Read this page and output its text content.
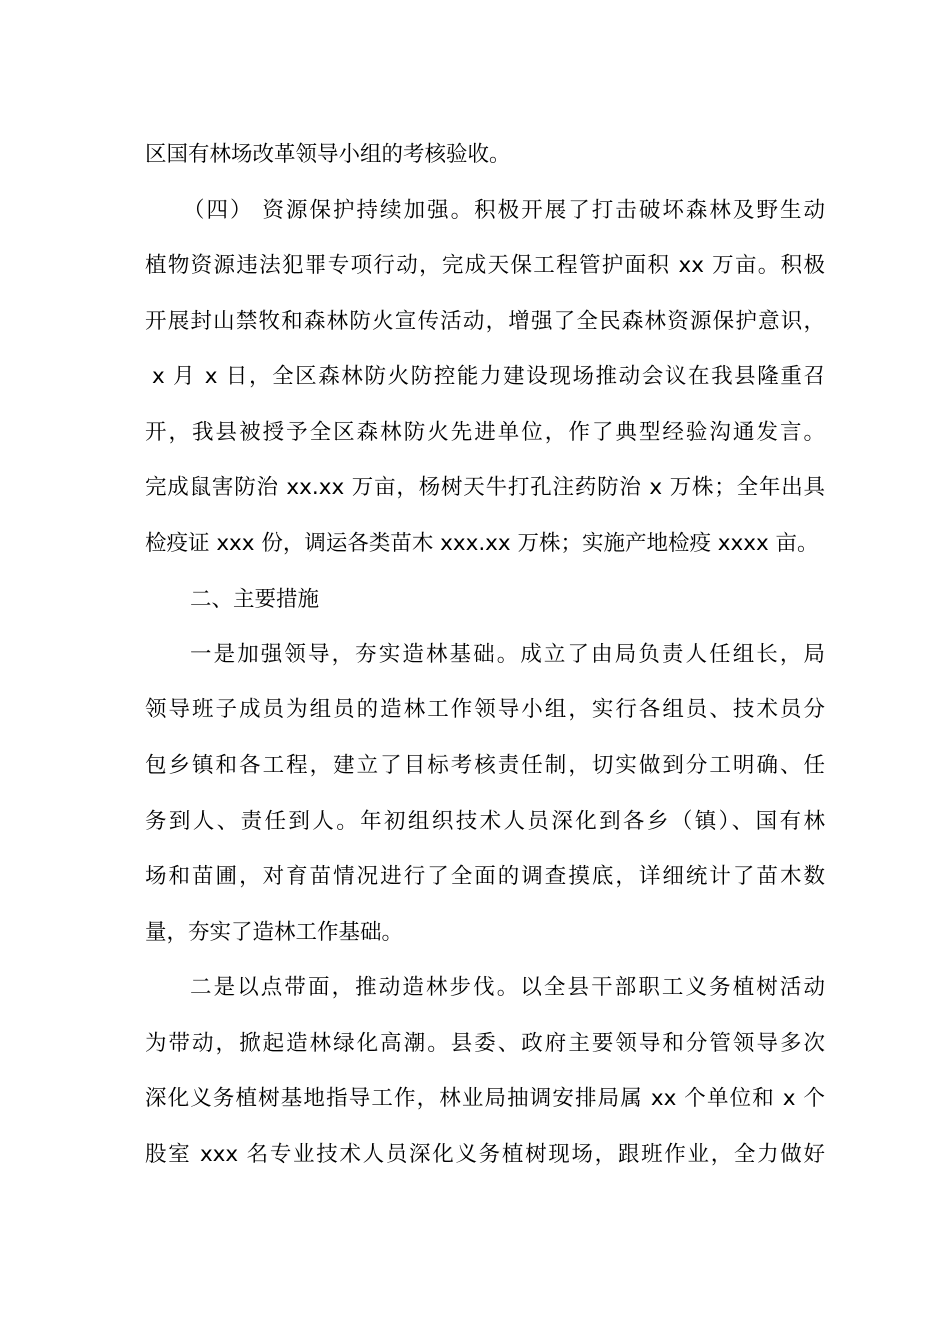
区国有林场改革领导小组的考核验收。
（四） 资源保护持续加强。积极开展了打击破坏森林及野生动
植物资源违法犯罪专项行动，完成天保工程管护面积 xx 万亩。积极
开展封山禁牧和森林防火宣传活动，增强了全民森林资源保护意识，
x 月 x 日，全区森林防火防控能力建设现场推动会议在我县隆重召
开，我县被授予全区森林防火先进单位，作了典型经验沟通发言。
完成鼠害防治 xx.xx 万亩，杨树天牛打孔注药防治 x 万株；全年出具
检疫证 xxx 份，调运各类苗木 xxx.xx 万株；实施产地检疫 xxxx 亩。
二、主要措施
一是加强领导，夯实造林基础。成立了由局负责人任组长，局
领导班子成员为组员的造林工作领导小组，实行各组员、技术员分
包乡镇和各工程，建立了目标考核责任制，切实做到分工明确、任
务到人、责任到人。年初组织技术人员深化到各乡（镇）、国有林
场和苗圃，对育苗情况进行了全面的调查摸底，详细统计了苗木数
量，夯实了造林工作基础。
二是以点带面，推动造林步伐。以全县干部职工义务植树活动
为带动，掀起造林绿化高潮。县委、政府主要领导和分管领导多次
深化义务植树基地指导工作，林业局抽调安排局属 xx 个单位和 x 个
股室 xxx 名专业技术人员深化义务植树现场，跟班作业，全力做好
